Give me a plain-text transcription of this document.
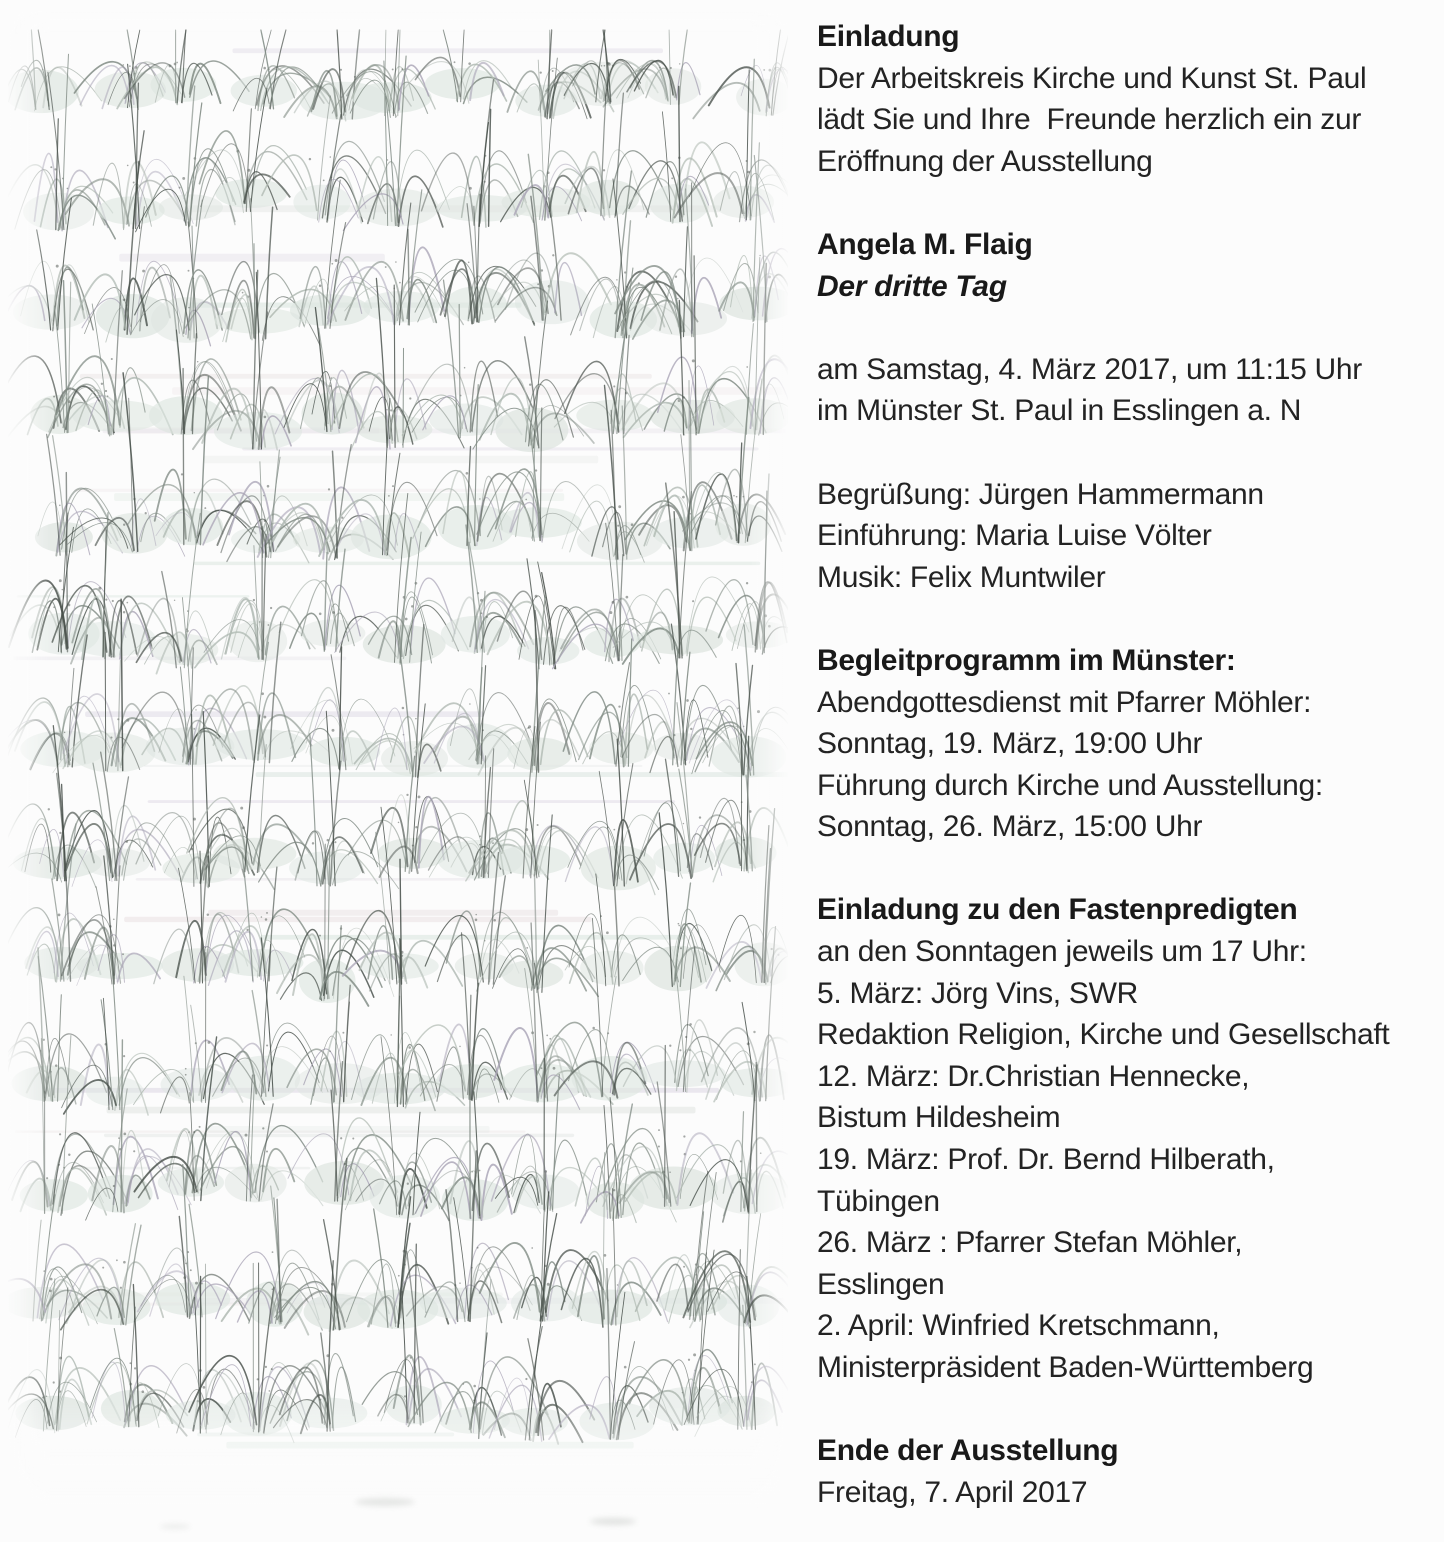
Einladung
Der Arbeitskreis Kirche und Kunst St. Paul
lädt Sie und Ihre  Freunde herzlich ein zur
Eröffnung der Ausstellung
Angela M. Flaig
Der dritte Tag
am Samstag, 4. März 2017, um 11:15 Uhr
im Münster St. Paul in Esslingen a. N
Begrüßung: Jürgen Hammermann
Einführung: Maria Luise Völter
Musik: Felix Muntwiler
Begleitprogramm im Münster:
Abendgottesdienst mit Pfarrer Möhler:
Sonntag, 19. März, 19:00 Uhr
Führung durch Kirche und Ausstellung:
Sonntag, 26. März, 15:00 Uhr
Einladung zu den Fastenpredigten
an den Sonntagen jeweils um 17 Uhr:
5. März: Jörg Vins, SWR
Redaktion Religion, Kirche und Gesellschaft
12. März: Dr.Christian Hennecke,
Bistum Hildesheim
19. März: Prof. Dr. Bernd Hilberath,
Tübingen
26. März : Pfarrer Stefan Möhler,
Esslingen
2. April: Winfried Kretschmann,
Ministerpräsident Baden-Württemberg
Ende der Ausstellung
Freitag, 7. April 2017
